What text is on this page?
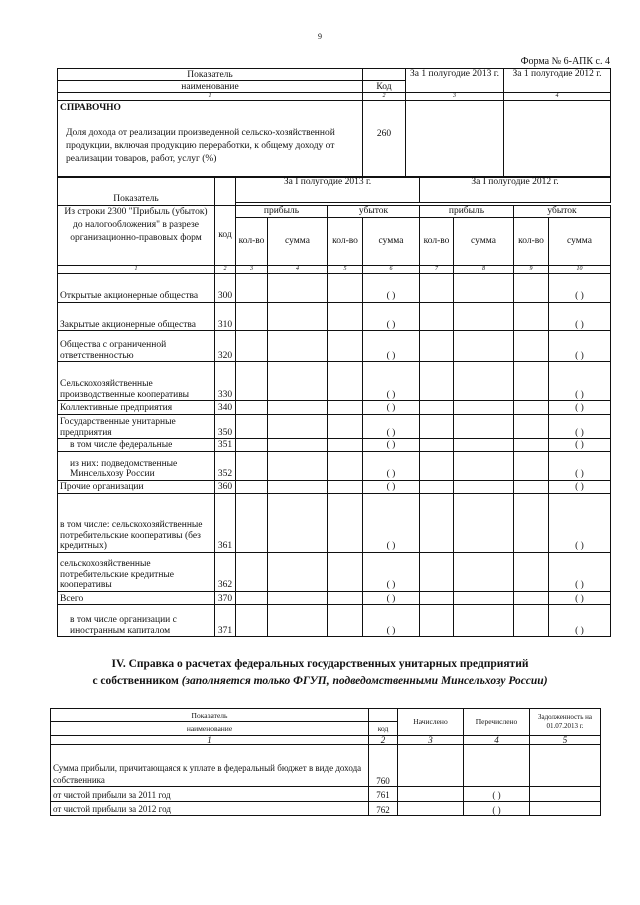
9
Форма № 6-АПК с. 4
Показатель		За 1 полугодие 2013 г.	За 1 полугодие 2012 г.
наименование	Код		
1	2	3	4

СПРАВОЧНО
Доля дохода от реализации произведенной сельско-хозяйственной продукции, включая продукцию переработки, к общему доходу от реализации товаров, работ, услуг (%)	260		
Показатель		За I полугодие 2013 г.				За I полугодие 2012 г.			

Из строки 2300 "Прибыль (убыток) до налогообложения" в разрезе организационно-правовых форм	код	прибыль		убыток		прибыль		убыток	
		кол-во	сумма	кол-во	сумма	кол-во	сумма	кол-во	сумма
1	2	3	4	5	6	7	8	9	10
Открытые акционерные общества	300				( )				( )
Закрытые акционерные общества	310				( )				( )
Общества с ограниченной ответственностью	320				( )				( )
Сельскохозяйственные производственные кооперативы	330				( )				( )
Коллективные предприятия	340				( )				( )
Государственные унитарные предприятия	350				( )				( )
в том числе федеральные	351				( )				( )
из них: подведомственные Минсельхозу России	352				( )				( )
Прочие организации	360				( )				( )
в том числе: сельскохозяйственные потребительские кооперативы (без кредитных)	361				( )				( )
сельскохозяйственные потребительские кредитные кооперативы	362				( )				( )
Всего	370				( )				( )
в том числе организации с иностранным капиталом	371				( )				( )
IV. Справка о расчетах федеральных государственных унитарных предприятий
с собственником (заполняется только ФГУП, подведомственными Минсельхозу России)
Показатель		Начислено	Перечислено	Задолженность на 01.07.2013 г.
наименование	код			
1	2	3	4	5
Сумма прибыли, причитающаяся к уплате в федеральный бюджет в виде дохода собственника	760			
от чистой прибыли за 2011 год	761		( )	
от чистой прибыли за 2012 год	762		( )	
